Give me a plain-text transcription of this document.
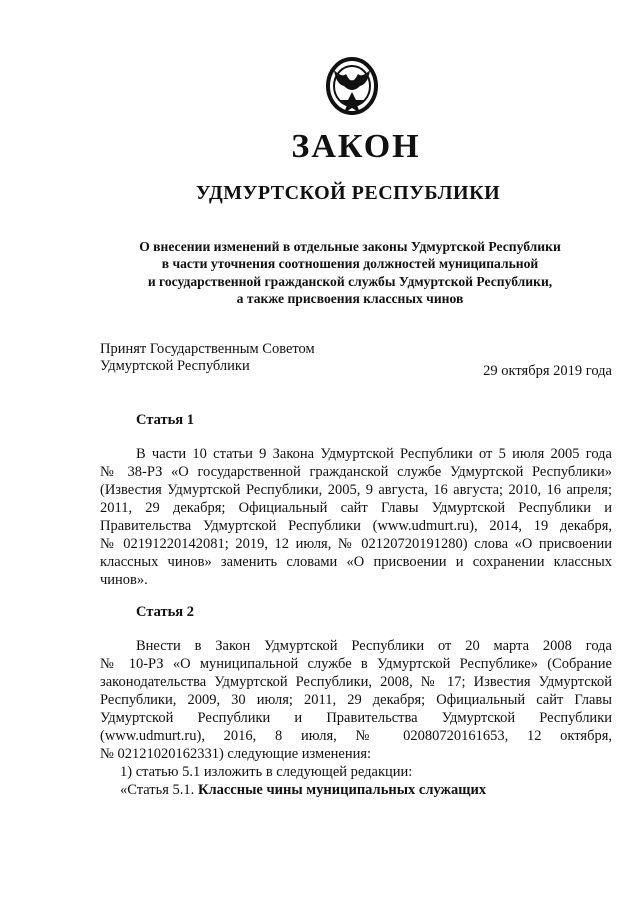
ЗАКОН
УДМУРТСКОЙ РЕСПУБЛИКИ
О внесении изменений в отдельные законы Удмуртской Республики
в части уточнения соотношения должностей муниципальной
и государственной гражданской службы Удмуртской Республики,
а также присвоения классных чинов
Принят Государственным Советом
Удмуртской Республики	29 октября 2019 года
Статья 1
В части 10 статьи 9 Закона Удмуртской Республики от 5 июля 2005 года
№ 38-РЗ «О государственной гражданской службе Удмуртской Республики»
(Известия Удмуртской Республики, 2005, 9 августа, 16 августа; 2010, 16 апреля;
2011, 29 декабря; Официальный сайт Главы Удмуртской Республики и
Правительства Удмуртской Республики (www.udmurt.ru), 2014, 19 декабря,
№ 02191220142081; 2019, 12 июля, № 02120720191280) слова «О присвоении
классных чинов» заменить словами «О присвоении и сохранении классных
чинов».
Статья 2
Внести в Закон Удмуртской Республики от 20 марта 2008 года
№ 10-РЗ «О муниципальной службе в Удмуртской Республике» (Собрание
законодательства Удмуртской Республики, 2008, № 17; Известия Удмуртской
Республики, 2009, 30 июля; 2011, 29 декабря; Официальный сайт Главы
Удмуртской Республики и Правительства Удмуртской Республики
(www.udmurt.ru), 2016, 8 июля, № 02080720161653, 12 октября,
№ 02121020162331) следующие изменения:
1) статью 5.1 изложить в следующей редакции:
«Статья 5.1. Классные чины муниципальных служащих
